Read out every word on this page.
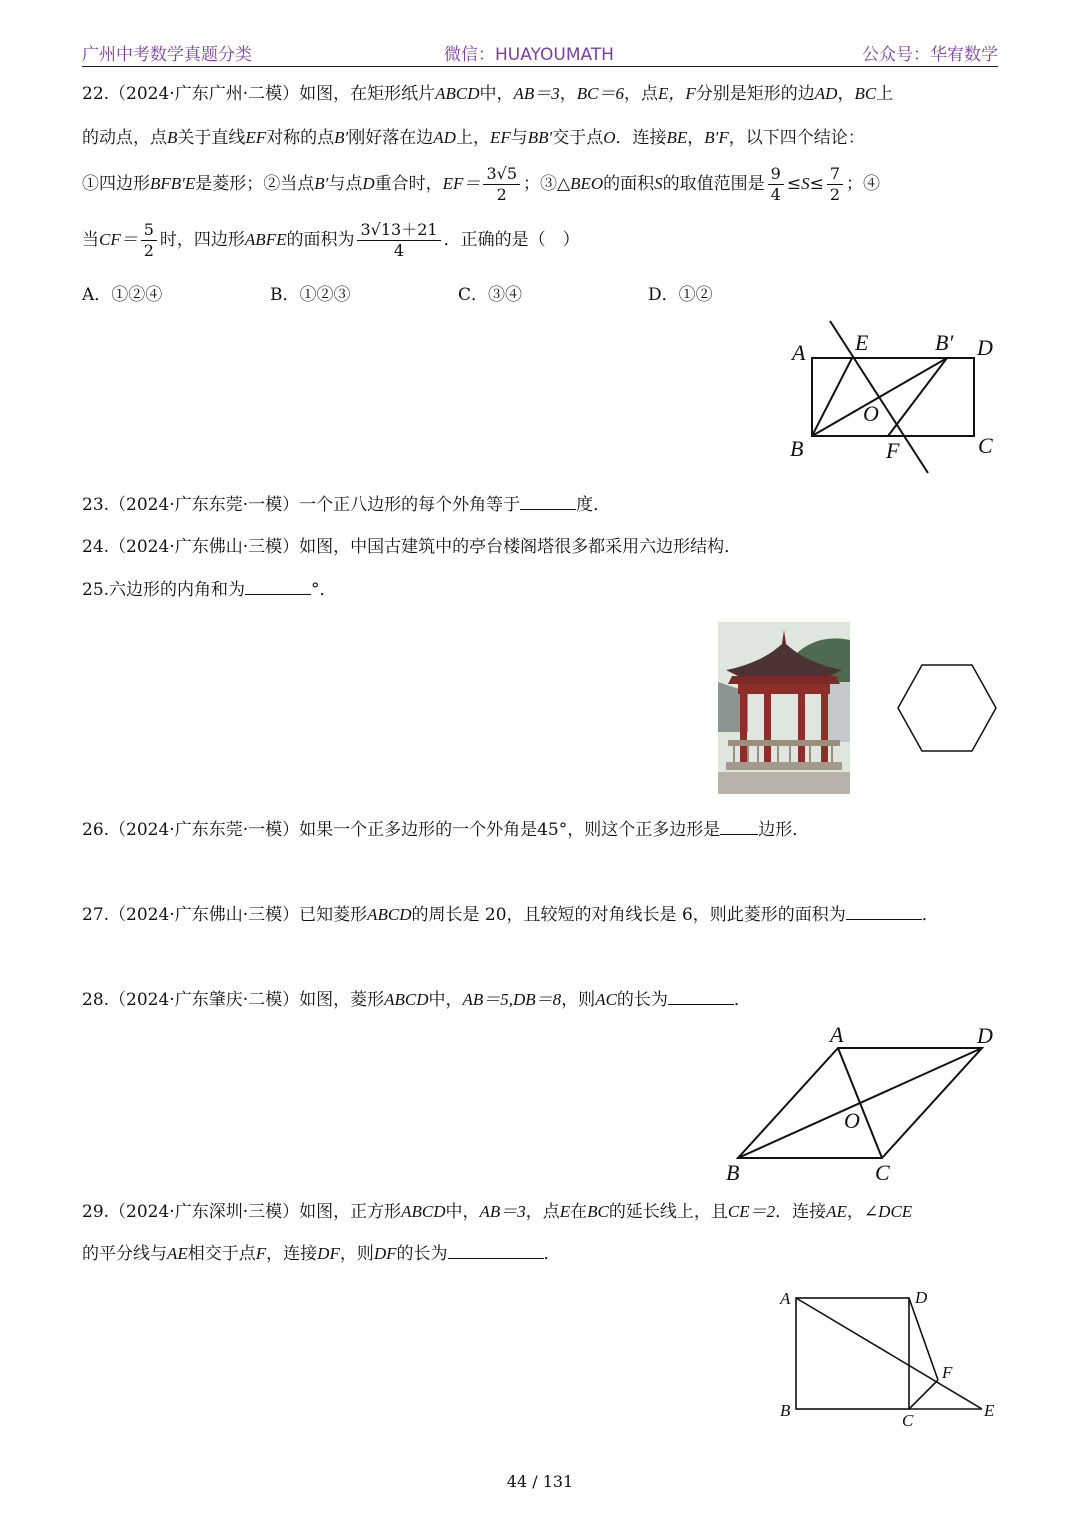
广州中考数学真题分类	微信：HUAYOUMATH	公众号：华宥数学
22.（2024·广东广州·二模）如图，在矩形纸片ABCD中，AB＝3，BC＝6，点E，F分别是矩形的边AD，BC上
的动点，点B关于直线EF对称的点B′刚好落在边AD上，EF与BB′交于点O．连接BE，B′F，以下四个结论：
①四边形BFB′E是菱形；②当点B′与点D重合时，$EF= \frac{3√5}{2}$ ；③△BEO的面积S的取值范围是 $\frac{9}{4} \le S\le \frac{7}{2}$ ；④
当$CF= \frac{5}{2}$ 时，四边形ABFE的面积为 $\frac{3√13+21}{4}$ ．正确的是（　）
A．①②④	B．①②③	C．③④	D．①②
A E	B′ D
O
B	F	C
23.（2024·广东东莞·一模）一个正八边形的每个外角等于	度．
24.（2024·广东佛山·三模）如图，中国古建筑中的亭台楼阁塔很多都采用六边形结构．
25.六边形的内角和为	°．
26.（2024·广东东莞·一模）如果一个正多边形的一个外角是45°，则这个正多边形是 边形．
27.（2024·广东佛山·三模）已知菱形ABCD的周长是 20，且较短的对角线长是 6，则此菱形的面积为	．
28.（2024·广东肇庆·二模）如图，菱形ABCD中，AB＝5,DB＝8，则AC的长为	．
A	D
O
B	C
29.（2024·广东深圳·三模）如图，正方形ABCD中，AB＝3，点E在BC的延长线上，且CE＝2．连接AE，∠DCE
的平分线与AE相交于点F，连接DF，则DF的长为	．
A	D
F
B
C
E
44 / 131
